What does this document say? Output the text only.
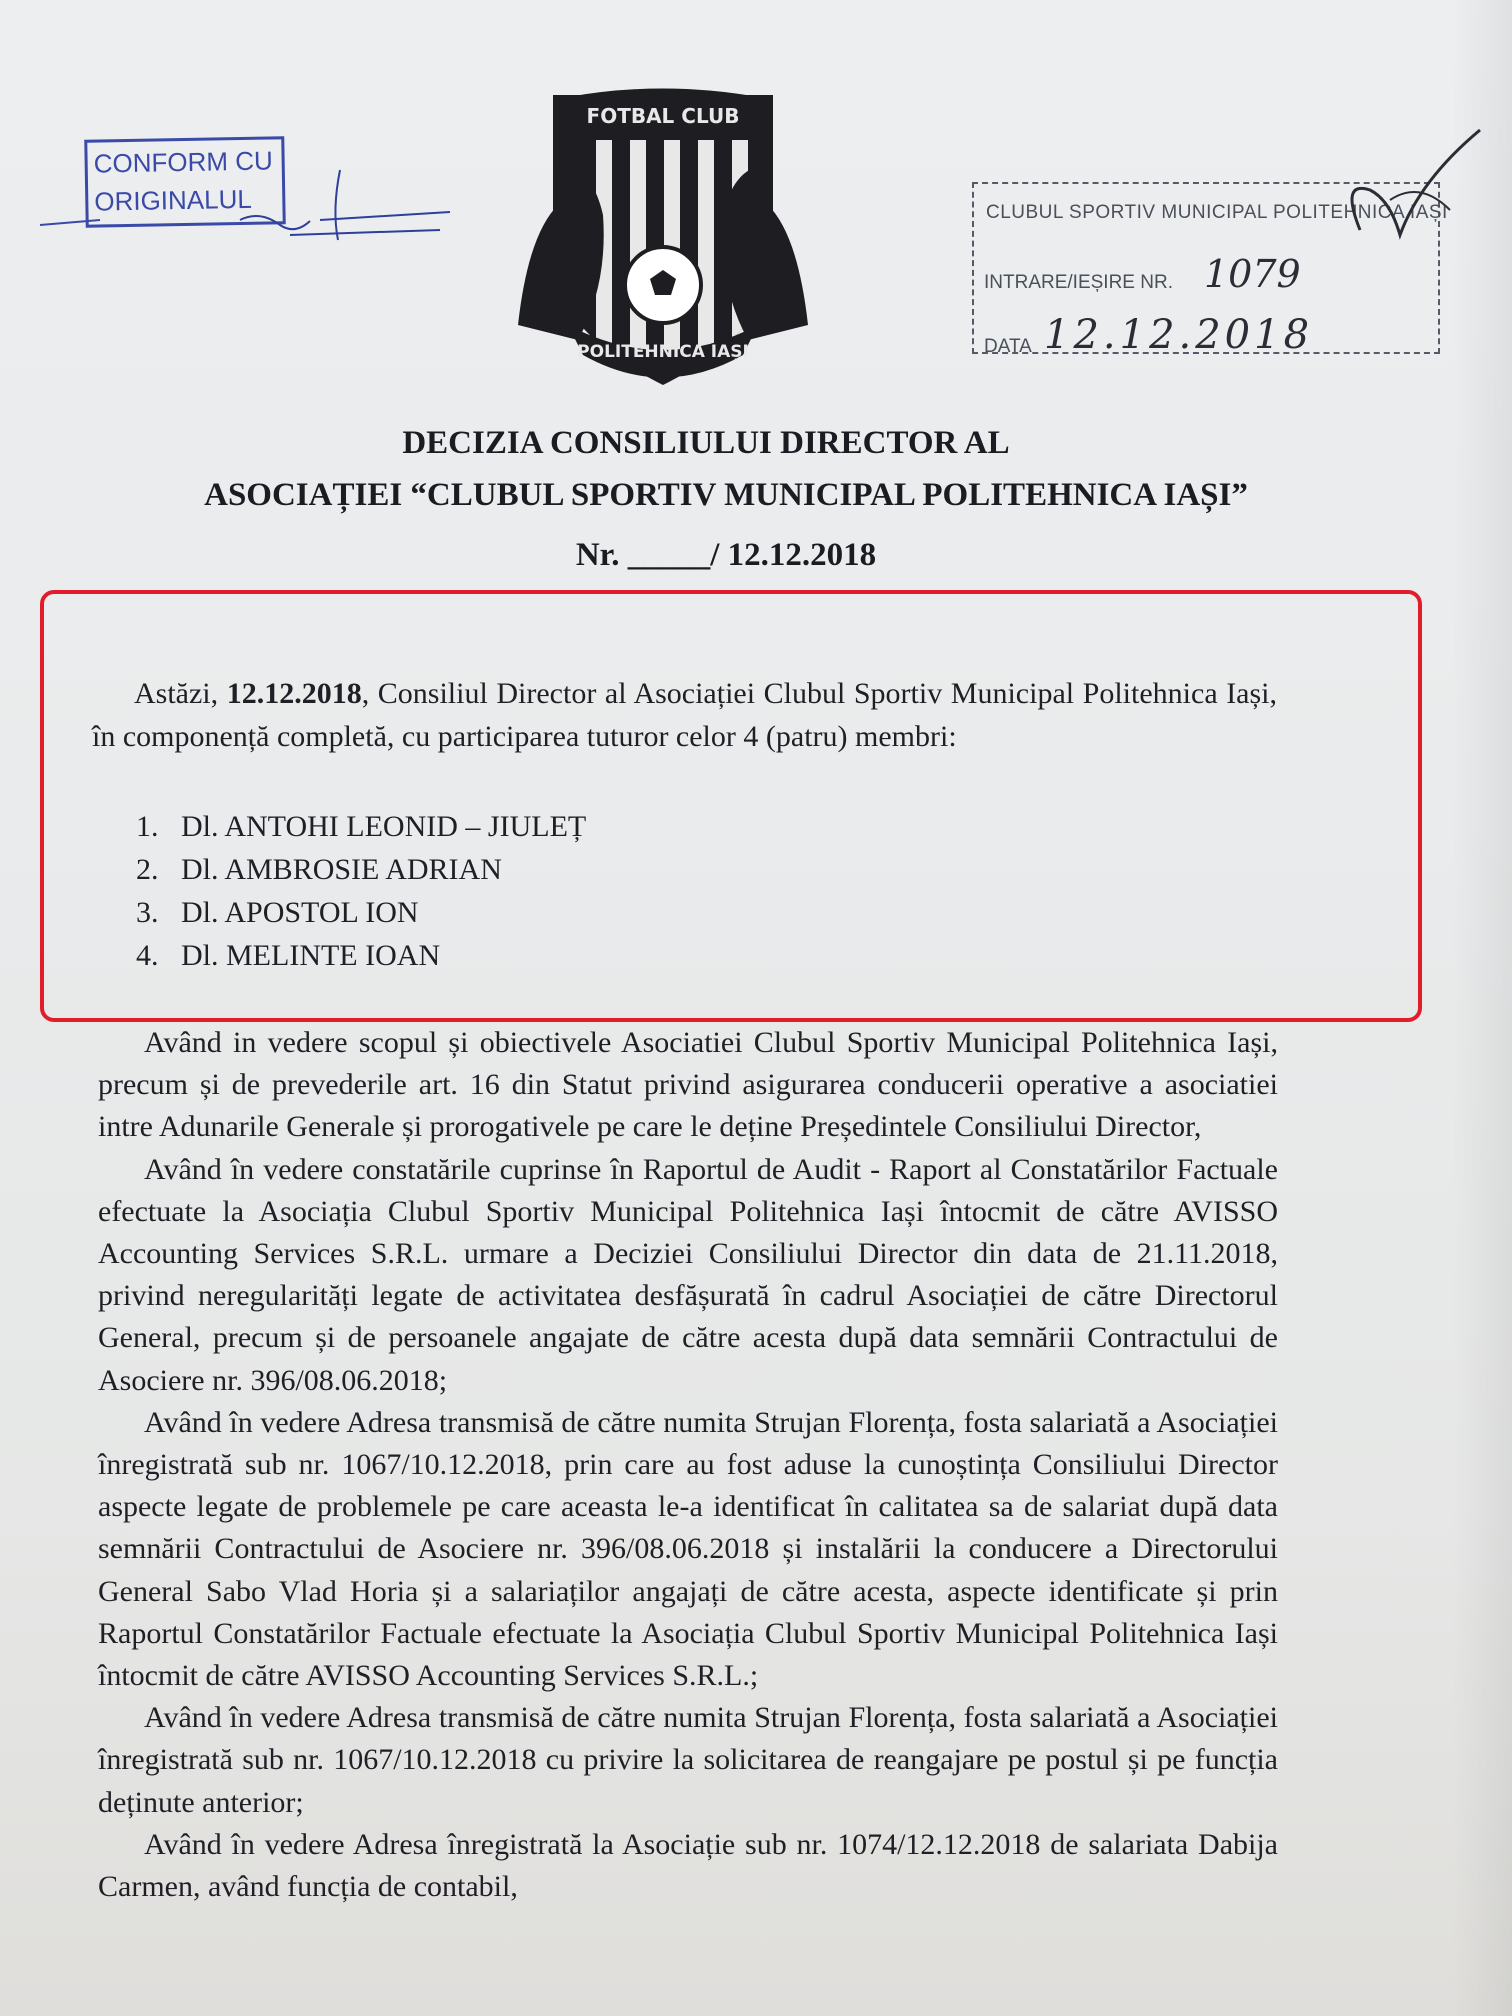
CONFORM CU
ORIGINALUL
FOTBAL CLUB
POLITEHNICA IAȘI
CLUBUL SPORTIV MUNICIPAL POLITEHNICA IAȘI
INTRARE/IEȘIRE NR. 1079
DATA 12.12.2018
DECIZIA CONSILIULUI DIRECTOR AL
ASOCIAȚIEI “CLUBUL SPORTIV MUNICIPAL POLITEHNICA IAȘI”
Nr. _____/ 12.12.2018
Astăzi, 12.12.2018, Consiliul Director al Asociației Clubul Sportiv Municipal Politehnica Iași, în componență completă, cu participarea tuturor celor 4 (patru) membri:
1. Dl. ANTOHI LEONID – JIULEȚ
2. Dl. AMBROSIE ADRIAN
3. Dl. APOSTOL ION
4. Dl. MELINTE IOAN

Având in vedere scopul și obiectivele Asociatiei Clubul Sportiv Municipal Politehnica Iași, precum și de prevederile art. 16 din Statut privind asigurarea conducerii operative a asociatiei intre Adunarile Generale și prorogativele pe care le deține Președintele Consiliului Director,

Având în vedere constatările cuprinse în Raportul de Audit - Raport al Constatărilor Factuale efectuate la Asociația Clubul Sportiv Municipal Politehnica Iași întocmit de către AVISSO Accounting Services S.R.L. urmare a Deciziei Consiliului Director din data de 21.11.2018, privind neregularități legate de activitatea desfășurată în cadrul Asociației de către Directorul General, precum și de persoanele angajate de către acesta după data semnării Contractului de Asociere nr. 396/08.06.2018;

Având în vedere Adresa transmisă de către numita Strujan Florența, fosta salariată a Asociației înregistrată sub nr. 1067/10.12.2018, prin care au fost aduse la cunoștința Consiliului Director aspecte legate de problemele pe care aceasta le-a identificat în calitatea sa de salariat după data semnării Contractului de Asociere nr. 396/08.06.2018 și instalării la conducere a Directorului General Sabo Vlad Horia și a salariaților angajați de către acesta, aspecte identificate și prin Raportul Constatărilor Factuale efectuate la Asociația Clubul Sportiv Municipal Politehnica Iași întocmit de către AVISSO Accounting Services S.R.L.;

Având în vedere Adresa transmisă de către numita Strujan Florența, fosta salariată a Asociației înregistrată sub nr. 1067/10.12.2018 cu privire la solicitarea de reangajare pe postul și pe funcția deținute anterior;

Având în vedere Adresa înregistrată la Asociație sub nr. 1074/12.12.2018 de salariata Dabija Carmen, având funcția de contabil,
